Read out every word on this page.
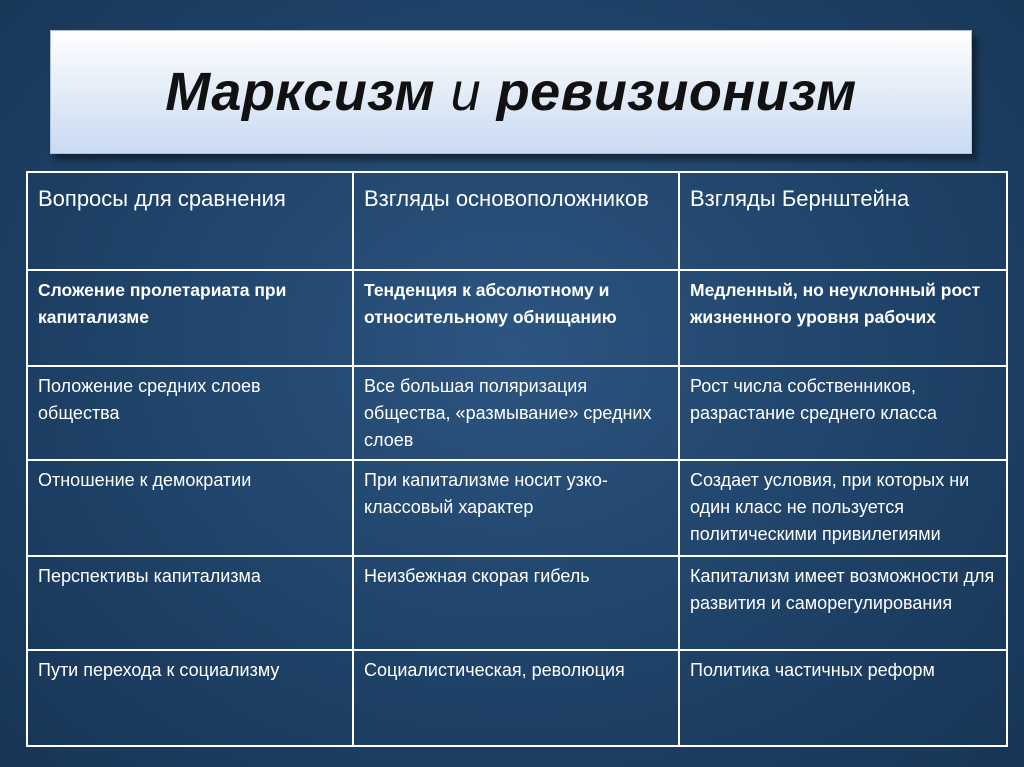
Марксизм и ревизионизм
Вопросы для сравнения	Взгляды основоположников	Взгляды Бернштейна
Сложение пролетариата при капитализме	Тенденция к абсолютному и относительному обнищанию	Медленный, но неуклонный рост жизненного уровня рабочих
Положение средних слоев общества	Все большая поляризация общества, «размывание» средних слоев	Рост числа собственников, разрастание среднего класса
Отношение к демократии	При капитализме носит узко-классовый характер	Создает условия, при которых ни один класс не пользуется политическими привилегиями
Перспективы капитализма	Неизбежная скорая гибель	Капитализм имеет возможности для развития и саморегулирования
Пути перехода к социализму	Социалистическая, революция	Политика частичных реформ
